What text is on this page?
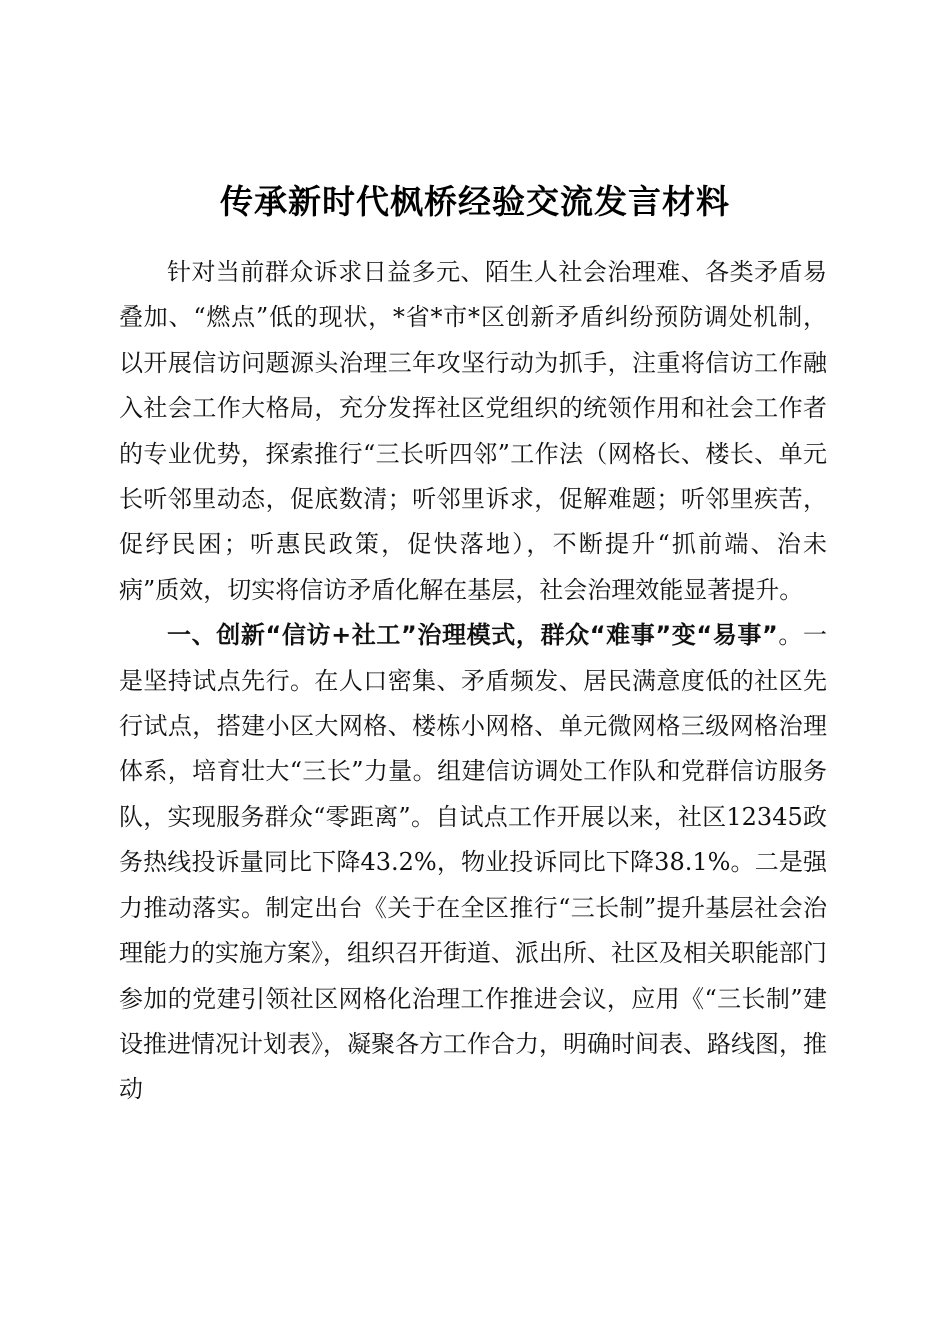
传承新时代枫桥经验交流发言材料

针对当前群众诉求日益多元、陌生人社会治理难、各类矛盾易叠加、“燃点”低的现状，*省*市*区创新矛盾纠纷预防调处机制，以开展信访问题源头治理三年攻坚行动为抓手，注重将信访工作融入社会工作大格局，充分发挥社区党组织的统领作用和社会工作者的专业优势，探索推行“三长听四邻”工作法（网格长、楼长、单元长听邻里动态，促底数清；听邻里诉求，促解难题；听邻里疾苦，促纾民困；听惠民政策，促快落地），不断提升“抓前端、治未病”质效，切实将信访矛盾化解在基层，社会治理效能显著提升。

一、创新“信访+社工”治理模式，群众“难事”变“易事”。一是坚持试点先行。在人口密集、矛盾频发、居民满意度低的社区先行试点，搭建小区大网格、楼栋小网格、单元微网格三级网格治理体系，培育壮大“三长”力量。组建信访调处工作队和党群信访服务队，实现服务群众“零距离”。自试点工作开展以来，社区12345政务热线投诉量同比下降43.2%，物业投诉同比下降38.1%。二是强力推动落实。制定出台《关于在全区推行“三长制”提升基层社会治理能力的实施方案》，组织召开街道、派出所、社区及相关职能部门参加的党建引领社区网格化治理工作推进会议，应用《“三长制”建设推进情况计划表》，凝聚各方工作合力，明确时间表、路线图，推动
